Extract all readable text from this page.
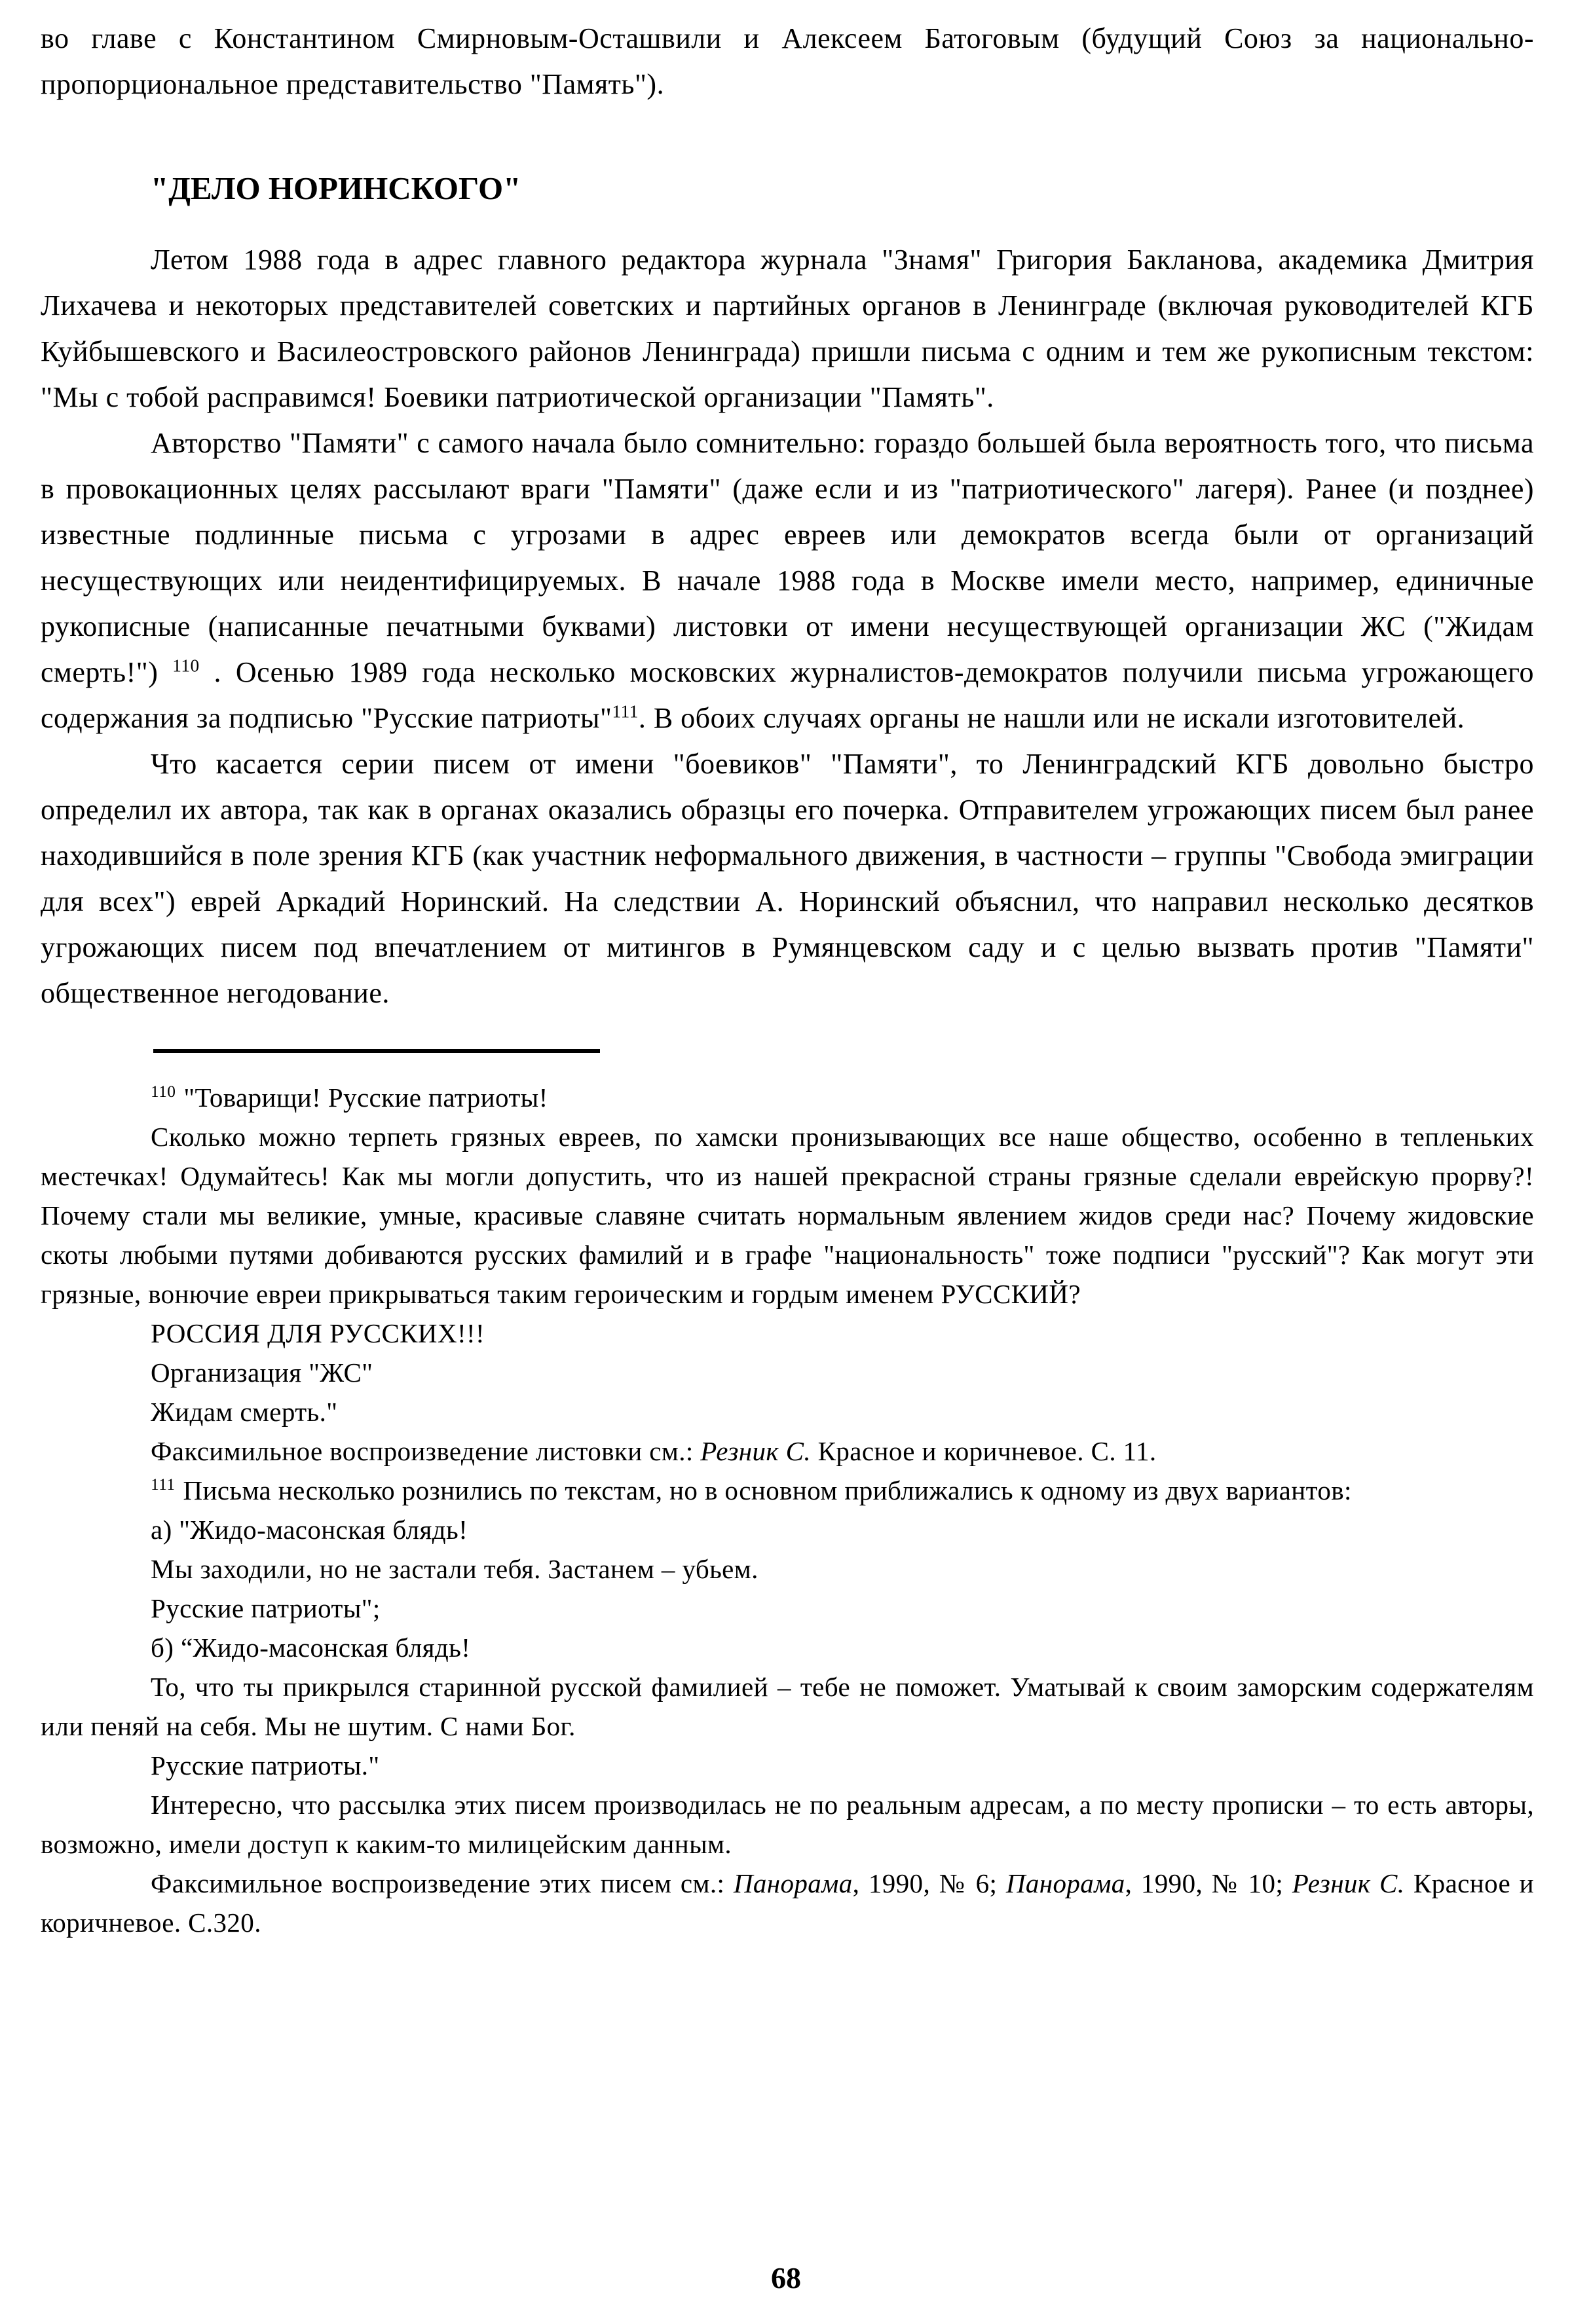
во главе с Константином Смирновым-Осташвили и Алексеем Батоговым (будущий Союз за национально-пропорциональное представительство "Память").

"ДЕЛО НОРИНСКОГО"

Летом 1988 года в адрес главного редактора журнала "Знамя" Григория Бакланова, академика Дмитрия Лихачева и некоторых представителей советских и партийных органов в Ленинграде (включая руководителей КГБ Куйбышевского и Василеостровского районов Ленинграда) пришли письма с одним и тем же рукописным текстом: "Мы с тобой расправимся! Боевики патриотической организации "Память".

Авторство "Памяти" с самого начала было сомнительно: гораздо большей была вероятность того, что письма в провокационных целях рассылают враги "Памяти" (даже если и из "патриотического" лагеря). Ранее (и позднее) известные подлинные письма с угрозами в адрес евреев или демократов всегда были от организаций несуществующих или неидентифицируемых. В начале 1988 года в Москве имели место, например, единичные рукописные (написанные печатными буквами) листовки от имени несуществующей организации ЖС ("Жидам смерть!") $^{110}$ . Осенью 1989 года несколько московских журналистов-демократов получили письма угрожающего содержания за подписью "Русские патриоты"$^{111}$. В обоих случаях органы не нашли или не искали изготовителей.

Что касается серии писем от имени "боевиков" "Памяти", то Ленинградский КГБ довольно быстро определил их автора, так как в органах оказались образцы его почерка. Отправителем угрожающих писем был ранее находившийся в поле зрения КГБ (как участник неформального движения, в частности – группы "Свобода эмиграции для всех") еврей Аркадий Норинский. На следствии А. Норинский объяснил, что направил несколько десятков угрожающих писем под впечатлением от митингов в Румянцевском саду и с целью вызвать против "Памяти" общественное негодование.

$^{110}$ "Товарищи! Русские патриоты!

Сколько можно терпеть грязных евреев, по хамски пронизывающих все наше общество, особенно в тепленьких местечках! Одумайтесь! Как мы могли допустить, что из нашей прекрасной страны грязные сделали еврейскую прорву?! Почему стали мы великие, умные, красивые славяне считать нормальным явлением жидов среди нас? Почему жидовские скоты любыми путями добиваются русских фамилий и в графе "национальность" тоже подписи "русский"? Как могут эти грязные, вонючие евреи прикрываться таким героическим и гордым именем РУССКИЙ?

РОССИЯ ДЛЯ РУССКИХ!!!

Организация "ЖС"

Жидам смерть."

Факсимильное воспроизведение листовки см.: Резник С. Красное и коричневое. С. 11.

$^{111}$ Письма несколько рознились по текстам, но в основном приближались к одному из двух вариантов:

а) "Жидо-масонская блядь!

Мы заходили, но не застали тебя. Застанем – убьем.

Русские патриоты";

б) “Жидо-масонская блядь!

То, что ты прикрылся старинной русской фамилией – тебе не поможет. Уматывай к своим заморским содержателям или пеняй на себя. Мы не шутим. С нами Бог.

Русские патриоты."

Интересно, что рассылка этих писем производилась не по реальным адресам, а по месту прописки – то есть авторы, возможно, имели доступ к каким-то милицейским данным.

Факсимильное воспроизведение этих писем см.: Панорама, 1990, № 6; Панорама, 1990, № 10; Резник С. Красное и коричневое. С.320.

68
